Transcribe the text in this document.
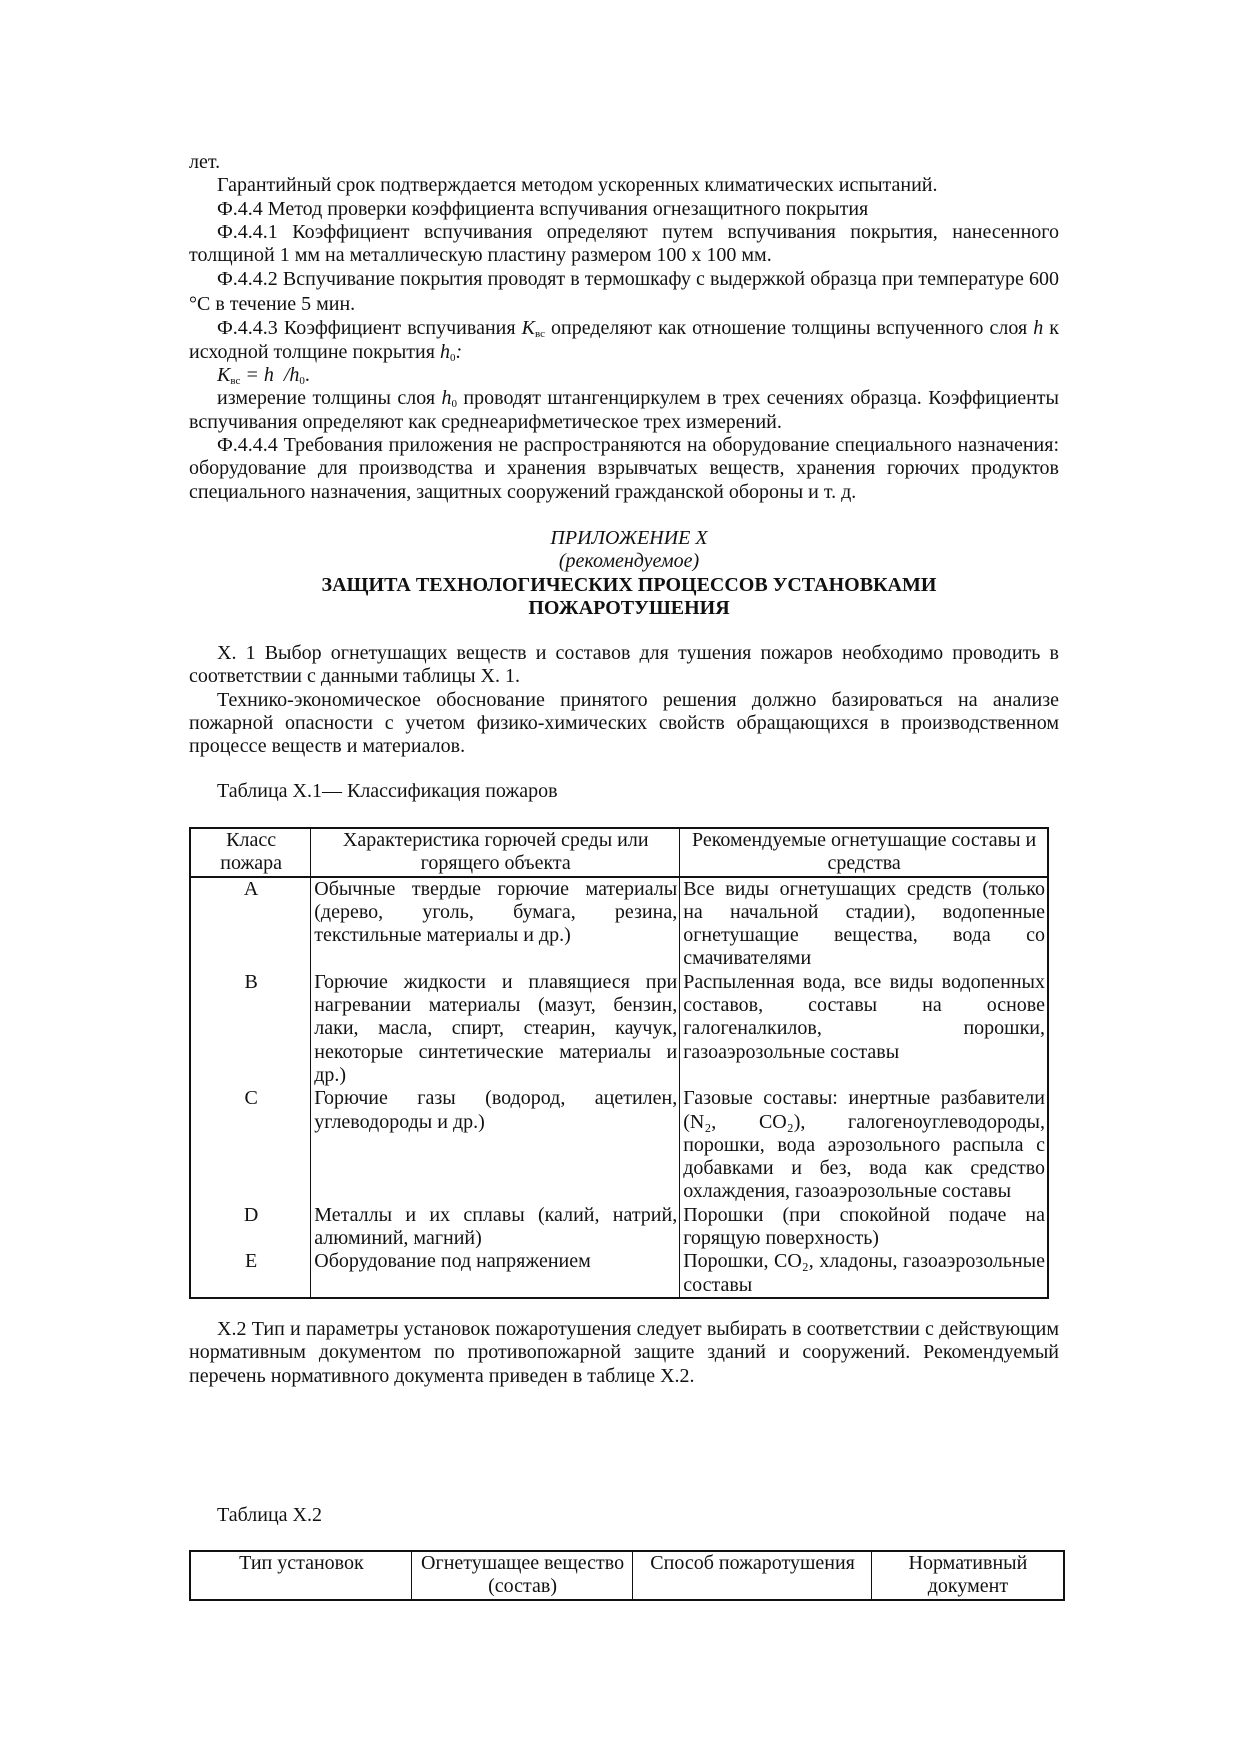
лет.

Гарантийный срок подтверждается методом ускоренных климатических испытаний.

Ф.4.4 Метод проверки коэффициента вспучивания огнезащитного покрытия

Ф.4.4.1 Коэффициент вспучивания определяют путем вспучивания покрытия, нанесенного толщиной 1 мм на металлическую пластину размером 100 х 100 мм.

Ф.4.4.2 Вспучивание покрытия проводят в термошкафу с выдержкой образца при температуре 600 °С в течение 5 мин.

Ф.4.4.3 Коэффициент вспучивания $K_{вс}$ определяют как отношение толщины вспученного слоя h к исходной толщине покрытия $h_0$:

$K_{вс} = h$  $/h_0$.

измерение толщины слоя $h_0$ проводят штангенциркулем в трех сечениях образца. Коэффициенты вспучивания определяют как среднеарифметическое трех измерений.

Ф.4.4.4 Требования приложения не распространяются на оборудование специального назначения: оборудование для производства и хранения взрывчатых веществ, хранения горючих продуктов специального назначения, защитных сооружений гражданской обороны и т. д.

ПРИЛОЖЕНИЕ X
(рекомендуемое)
ЗАЩИТА ТЕХНОЛОГИЧЕСКИХ ПРОЦЕССОВ УСТАНОВКАМИ
ПОЖАРОТУШЕНИЯ

X. 1 Выбор огнетушащих веществ и составов для тушения пожаров необходимо проводить в соответствии с данными таблицы X. 1.

Технико-экономическое обоснование принятого решения должно базироваться на анализе пожарной опасности с учетом физико-химических свойств обращающихся в производственном процессе веществ и материалов.

Таблица X.1— Классификация пожаров

Класс пожара	Характеристика горючей среды или горящего объекта	Рекомендуемые огнетушащие составы и средства
A	Обычные твердые горючие материалы (дерево, уголь, бумага, резина, текстильные материалы и др.)	Все виды огнетушащих средств (только на начальной стадии), водопенные огнетушащие вещества, вода со смачивателями
B	Горючие жидкости и плавящиеся при нагревании материалы (мазут, бензин, лаки, масла, спирт, стеарин, каучук, некоторые синтетические материалы и др.)	Распыленная вода, все виды водопенных составов, составы на основе галогеналкилов, порошки, газоаэрозольные составы
C	Горючие газы (водород, ацетилен, углеводороды и др.)	Газовые составы: инертные разбавители (N₂, CO₂), галогеноуглеводороды, порошки, вода аэрозольного распыла с добавками и без, вода как средство охлаждения, газоаэрозольные составы
D	Металлы и их сплавы (калий, натрий, алюминий, магний)	Порошки (при спокойной подаче на горящую поверхность)
E	Оборудование под напряжением	Порошки, CO₂, хладоны, газоаэрозольные составы

X.2 Тип и параметры установок пожаротушения следует выбирать в соответствии с действующим нормативным документом по противопожарной защите зданий и сооружений. Рекомендуемый перечень нормативного документа приведен в таблице X.2.

Таблица X.2

Тип установок	Огнетушащее вещество (состав)	Способ пожаротушения	Нормативный документ
